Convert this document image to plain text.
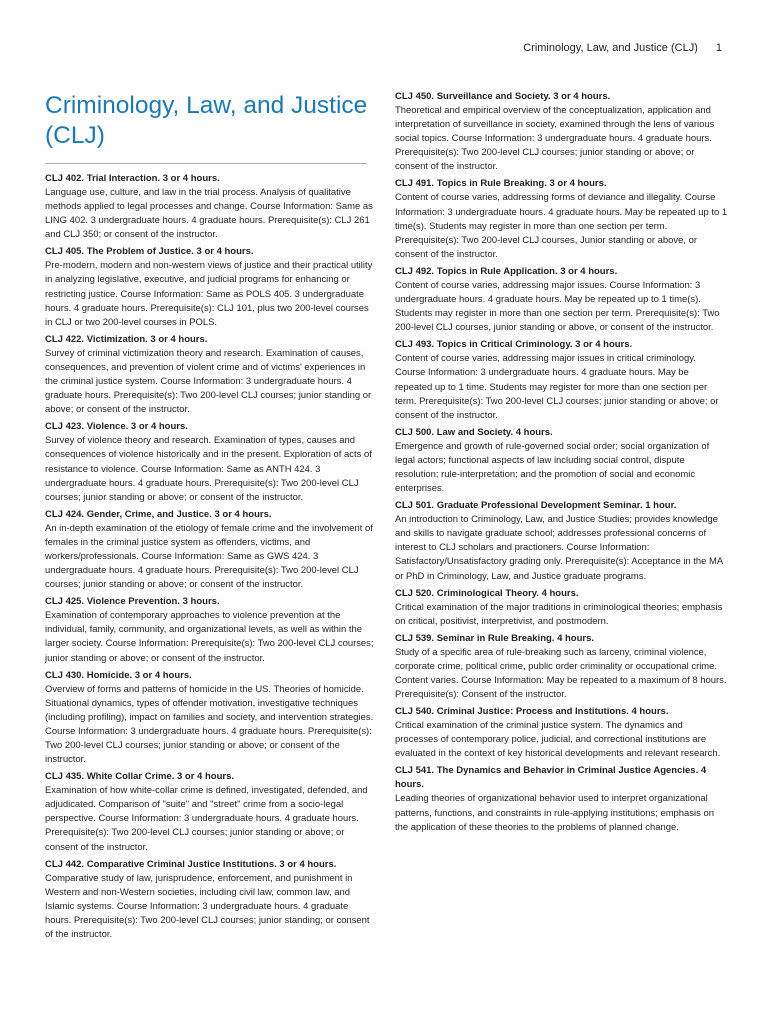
Criminology, Law, and Justice (CLJ) 1
Criminology, Law, and Justice (CLJ)
CLJ 402. Trial Interaction. 3 or 4 hours.
Language use, culture, and law in the trial process. Analysis of qualitative methods applied to legal processes and change. Course Information: Same as LING 402. 3 undergraduate hours. 4 graduate hours. Prerequisite(s): CLJ 261 and CLJ 350; or consent of the instructor.
CLJ 405. The Problem of Justice. 3 or 4 hours.
Pre-modern, modern and non-western views of justice and their practical utility in analyzing legislative, executive, and judicial programs for enhancing or restricting justice. Course Information: Same as POLS 405. 3 undergraduate hours. 4 graduate hours. Prerequisite(s): CLJ 101, plus two 200-level courses in CLJ or two 200-level courses in POLS.
CLJ 422. Victimization. 3 or 4 hours.
Survey of criminal victimization theory and research. Examination of causes, consequences, and prevention of violent crime and of victims' experiences in the criminal justice system. Course Information: 3 undergraduate hours. 4 graduate hours. Prerequisite(s): Two 200-level CLJ courses; junior standing or above; or consent of the instructor.
CLJ 423. Violence. 3 or 4 hours.
Survey of violence theory and research. Examination of types, causes and consequences of violence historically and in the present. Exploration of acts of resistance to violence. Course Information: Same as ANTH 424. 3 undergraduate hours. 4 graduate hours. Prerequisite(s): Two 200-level CLJ courses; junior standing or above; or consent of the instructor.
CLJ 424. Gender, Crime, and Justice. 3 or 4 hours.
An in-depth examination of the etiology of female crime and the involvement of females in the criminal justice system as offenders, victims, and workers/professionals. Course Information: Same as GWS 424. 3 undergraduate hours. 4 graduate hours. Prerequisite(s): Two 200-level CLJ courses; junior standing or above; or consent of the instructor.
CLJ 425. Violence Prevention. 3 hours.
Examination of contemporary approaches to violence prevention at the individual, family, community, and organizational levels, as well as within the larger society. Course Information: Prerequisite(s): Two 200-level CLJ courses; junior standing or above; or consent of the instructor.
CLJ 430. Homicide. 3 or 4 hours.
Overview of forms and patterns of homicide in the US. Theories of homicide. Situational dynamics, types of offender motivation, investigative techniques (including profiling), impact on families and society, and intervention strategies. Course Information: 3 undergraduate hours. 4 graduate hours. Prerequisite(s): Two 200-level CLJ courses; junior standing or above; or consent of the instructor.
CLJ 435. White Collar Crime. 3 or 4 hours.
Examination of how white-collar crime is defined, investigated, defended, and adjudicated. Comparison of "suite" and "street" crime from a socio-legal perspective. Course Information: 3 undergraduate hours. 4 graduate hours. Prerequisite(s): Two 200-level CLJ courses; junior standing or above; or consent of the instructor.
CLJ 442. Comparative Criminal Justice Institutions. 3 or 4 hours.
Comparative study of law, jurisprudence, enforcement, and punishment in Western and non-Western societies, including civil law, common law, and Islamic systems. Course Information: 3 undergraduate hours. 4 graduate hours. Prerequisite(s): Two 200-level CLJ courses; junior standing; or consent of the instructor.
CLJ 450. Surveillance and Society. 3 or 4 hours.
Theoretical and empirical overview of the conceptualization, application and interpretation of surveillance in society, examined through the lens of various social topics. Course Information: 3 undergraduate hours. 4 graduate hours. Prerequisite(s): Two 200-level CLJ courses; junior standing or above; or consent of the instructor.
CLJ 491. Topics in Rule Breaking. 3 or 4 hours.
Content of course varies, addressing forms of deviance and illegality. Course Information: 3 undergraduate hours. 4 graduate hours. May be repeated up to 1 time(s). Students may register in more than one section per term. Prerequisite(s): Two 200-level CLJ courses, Junior standing or above, or consent of the instructor.
CLJ 492. Topics in Rule Application. 3 or 4 hours.
Content of course varies, addressing major issues. Course Information: 3 undergraduate hours. 4 graduate hours. May be repeated up to 1 time(s). Students may register in more than one section per term. Prerequisite(s): Two 200-level CLJ courses, junior standing or above, or consent of the instructor.
CLJ 493. Topics in Critical Criminology. 3 or 4 hours.
Content of course varies, addressing major issues in critical criminology. Course Information: 3 undergraduate hours. 4 graduate hours. May be repeated up to 1 time. Students may register for more than one section per term. Prerequisite(s): Two 200-level CLJ courses; junior standing or above; or consent of the instructor.
CLJ 500. Law and Society. 4 hours.
Emergence and growth of rule-governed social order; social organization of legal actors; functional aspects of law including social control, dispute resolution; rule-interpretation; and the promotion of social and economic enterprises.
CLJ 501. Graduate Professional Development Seminar. 1 hour.
An introduction to Criminology, Law, and Justice Studies; provides knowledge and skills to navigate graduate school; addresses professional concerns of interest to CLJ scholars and practioners. Course Information: Satisfactory/Unsatisfactory grading only. Prerequisite(s): Acceptance in the MA or PhD in Criminology, Law, and Justice graduate programs.
CLJ 520. Criminological Theory. 4 hours.
Critical examination of the major traditions in criminological theories; emphasis on critical, positivist, interpretivist, and postmodern.
CLJ 539. Seminar in Rule Breaking. 4 hours.
Study of a specific area of rule-breaking such as larceny, criminal violence, corporate crime, political crime, public order criminality or occupational crime. Content varies. Course Information: May be repeated to a maximum of 8 hours. Prerequisite(s): Consent of the instructor.
CLJ 540. Criminal Justice: Process and Institutions. 4 hours.
Critical examination of the criminal justice system. The dynamics and processes of contemporary police, judicial, and correctional institutions are evaluated in the context of key historical developments and relevant research.
CLJ 541. The Dynamics and Behavior in Criminal Justice Agencies. 4 hours.
Leading theories of organizational behavior used to interpret organizational patterns, functions, and constraints in rule-applying institutions; emphasis on the application of these theories to the problems of planned change.
